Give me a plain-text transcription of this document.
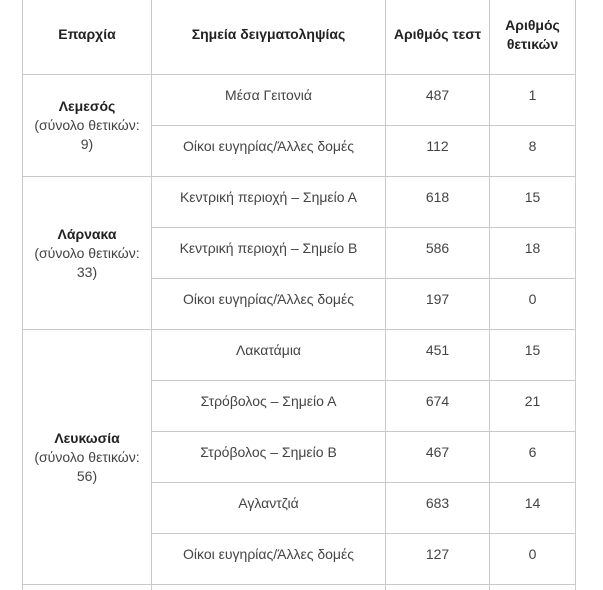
Επαρχία	Σημεία δειγματοληψίας	Αριθμός τεστ	Αριθμός θετικών

Λεμεσός
(σύνολο θετικών: 9)	Μέσα Γειτονιά	487	1
	Οίκοι ευγηρίας/Άλλες δομές	112	8

Λάρνακα
(σύνολο θετικών: 33)	Κεντρική περιοχή – Σημείο Α	618	15
	Κεντρική περιοχή – Σημείο Β	586	18
	Οίκοι ευγηρίας/Άλλες δομές	197	0

Λευκωσία
(σύνολο θετικών: 56)	Λακατάμια	451	15
	Στρόβολος – Σημείο Α	674	21
	Στρόβολος – Σημείο Β	467	6
	Αγλαντζιά	683	14
	Οίκοι ευγηρίας/Άλλες δομές	127	0
